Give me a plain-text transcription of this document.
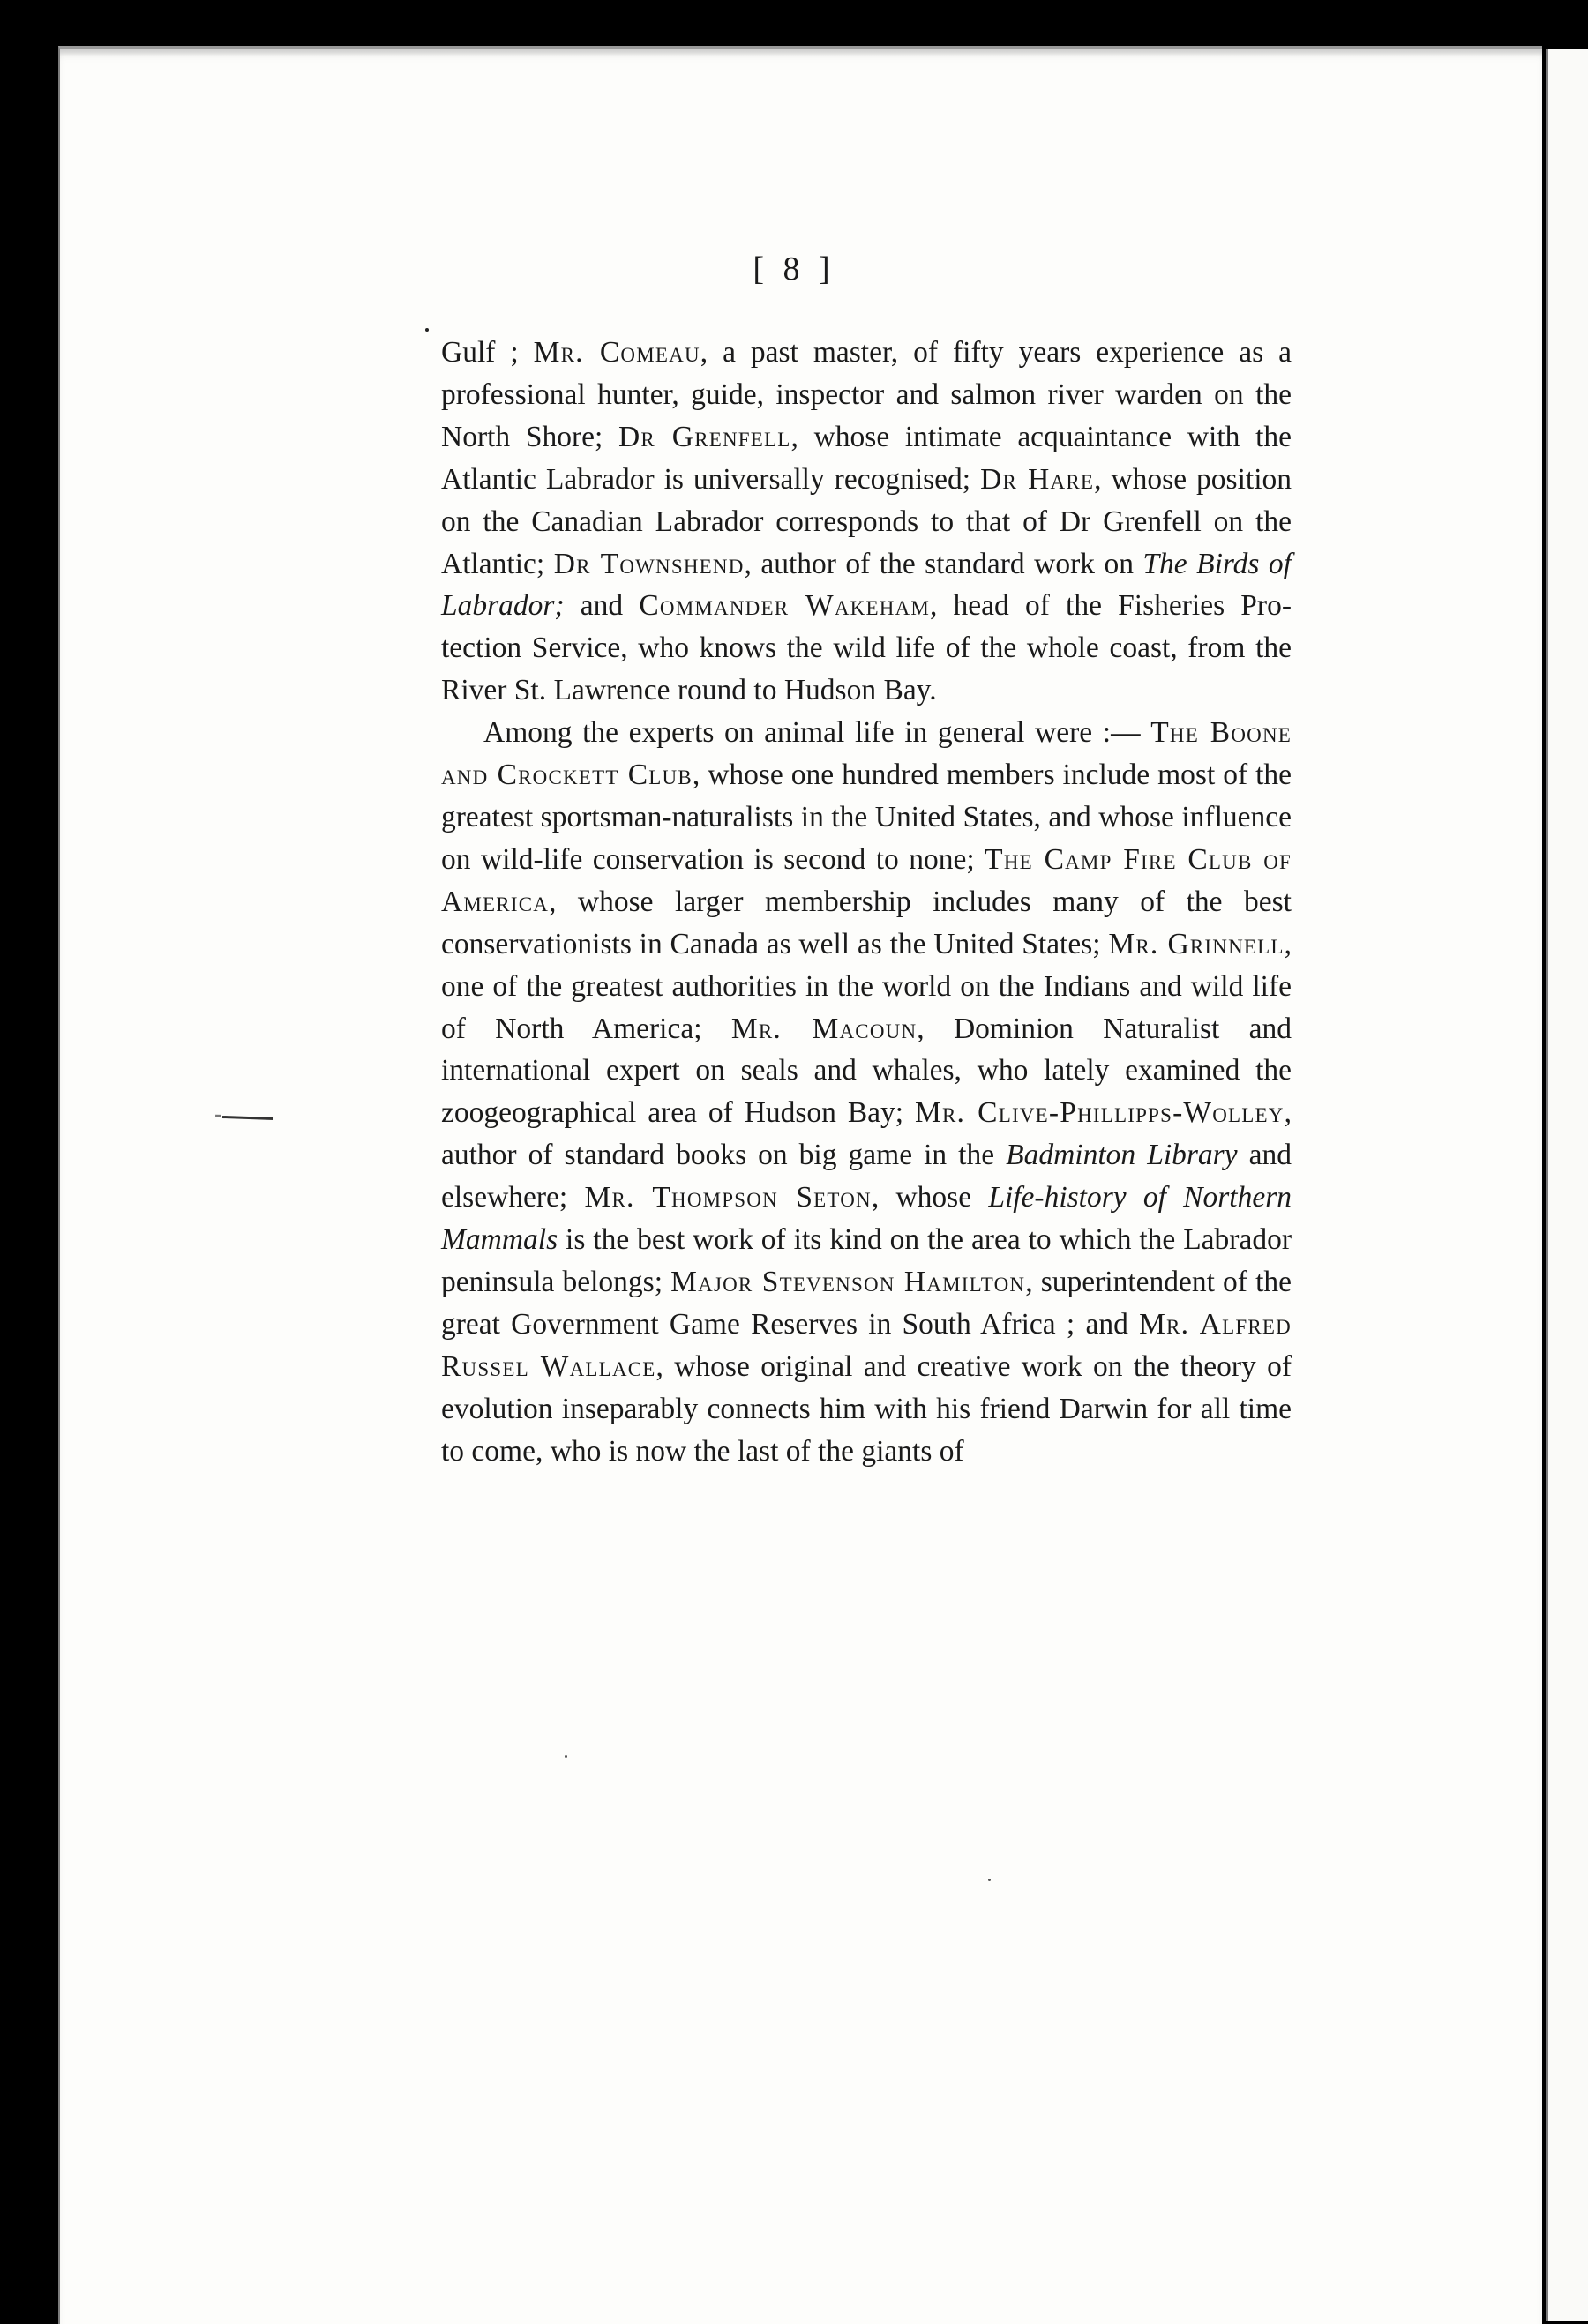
[ 8 ]

Gulf ; Mr. Comeau, a past master, of fifty years experience as a professional hunter, guide, inspector and salmon river warden on the North Shore; Dr Grenfell, whose intimate acquaintance with the Atlantic Labrador is universally recognised; Dr Hare, whose position on the Canadian Labrador corresponds to that of Dr Grenfell on the Atlantic; Dr Townshend, author of the standard work on The Birds of Labrador; and Commander Wakeham, head of the Fisheries Protection Service, who knows the wild life of the whole coast, from the River St. Lawrence round to Hudson Bay.

Among the experts on animal life in general were :— The Boone and Crockett Club, whose one hundred members include most of the greatest sportsman-naturalists in the United States, and whose influence on wild-life conservation is second to none; The Camp Fire Club of America, whose larger membership includes many of the best conservationists in Canada as well as the United States; Mr. Grinnell, one of the greatest authorities in the world on the Indians and wild life of North America; Mr. Macoun, Dominion Naturalist and international expert on seals and whales, who lately examined the zoogeographical area of Hudson Bay; Mr. Clive-Phillipps-Wolley, author of standard books on big game in the Badminton Library and elsewhere; Mr. Thompson Seton, whose Life-history of Northern Mammals is the best work of its kind on the area to which the Labrador peninsula belongs; Major Stevenson Hamilton, superintendent of the great Government Game Reserves in South Africa ; and Mr. Alfred Russel Wallace, whose original and creative work on the theory of evolution inseparably connects him with his friend Darwin for all time to come, who is now the last of the giants of
